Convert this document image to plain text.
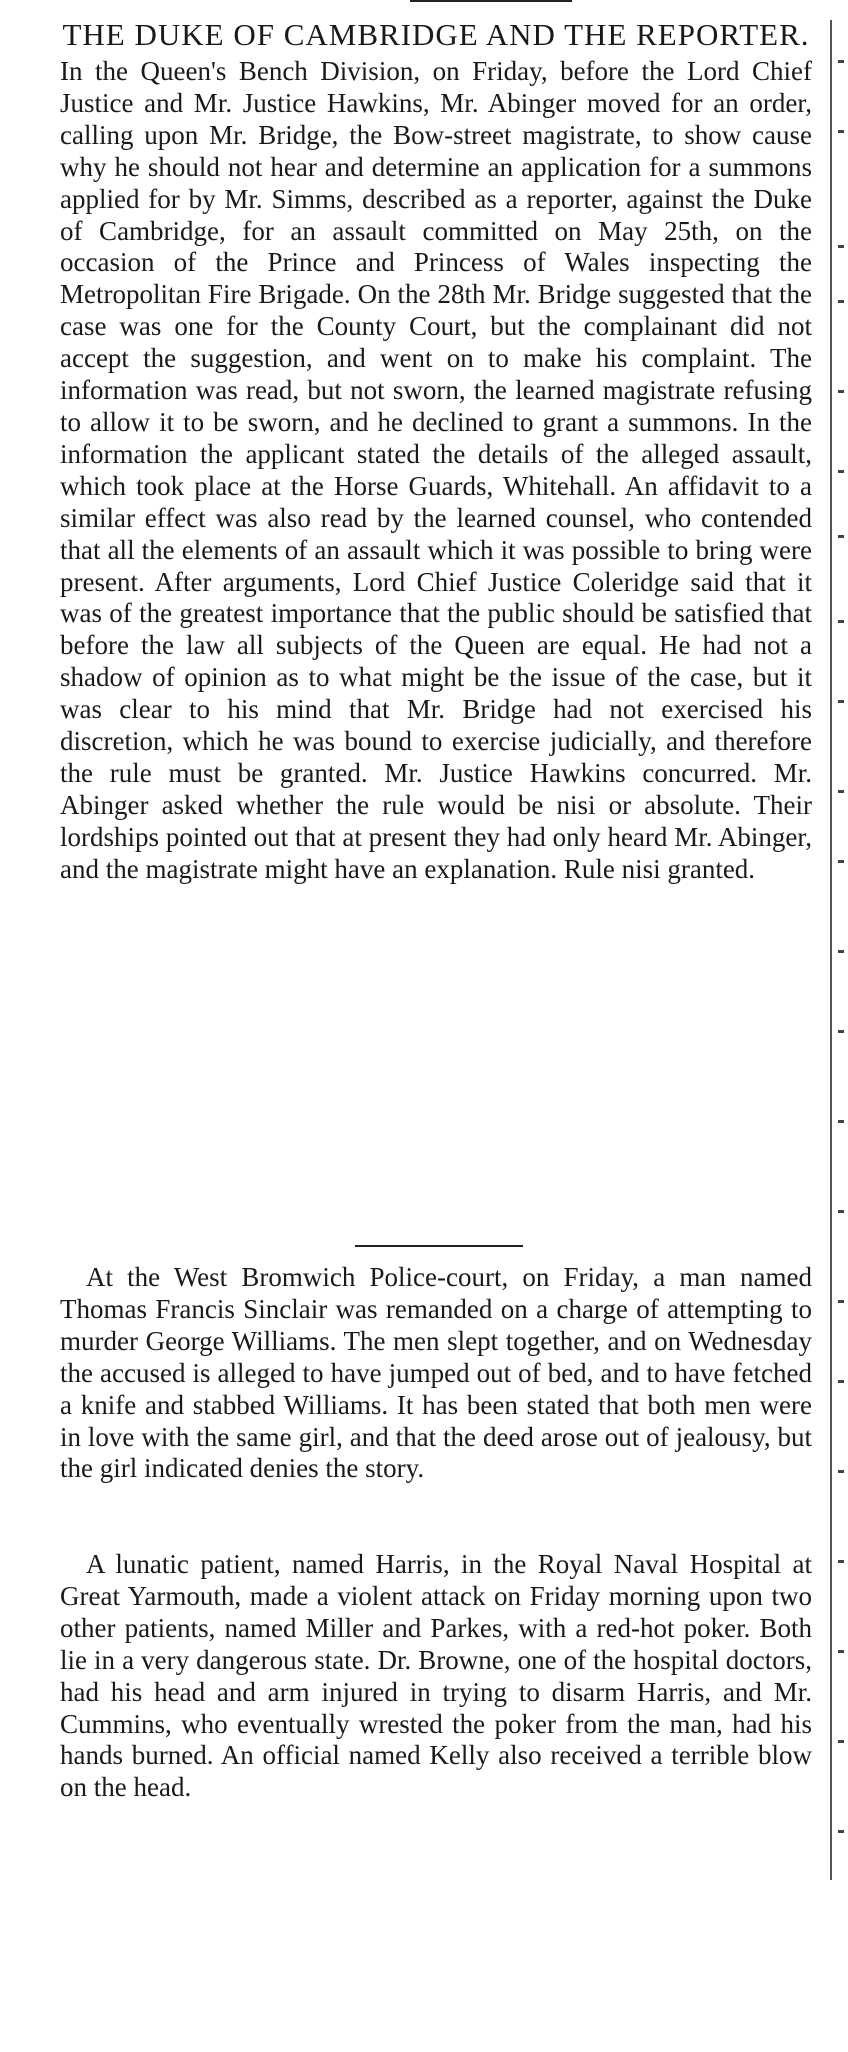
THE DUKE OF CAMBRIDGE AND THE REPORTER.

In the Queen's Bench Division, on Friday, before the Lord Chief Justice and Mr. Justice Hawkins, Mr. Abinger moved for an order, calling upon Mr. Bridge, the Bow-street magistrate, to show cause why he should not hear and determine an application for a summons applied for by Mr. Simms, described as a reporter, against the Duke of Cambridge, for an assault committed on May 25th, on the occasion of the Prince and Princess of Wales inspecting the Metropolitan Fire Brigade. On the 28th Mr. Bridge suggested that the case was one for the County Court, but the complainant did not accept the suggestion, and went on to make his complaint. The information was read, but not sworn, the learned magistrate refusing to allow it to be sworn, and he declined to grant a summons. In the information the applicant stated the details of the alleged assault, which took place at the Horse Guards, Whitehall. An affidavit to a similar effect was also read by the learned counsel, who contended that all the elements of an assault which it was possible to bring were present. After arguments, Lord Chief Justice Coleridge said that it was of the greatest importance that the public should be satisfied that before the law all subjects of the Queen are equal. He had not a shadow of opinion as to what might be the issue of the case, but it was clear to his mind that Mr. Bridge had not exercised his discretion, which he was bound to exercise judicially, and therefore the rule must be granted. Mr. Justice Hawkins concurred. Mr. Abinger asked whether the rule would be nisi or absolute. Their lordships pointed out that at present they had only heard Mr. Abinger, and the magistrate might have an explanation. Rule nisi granted.

At the West Bromwich Police-court, on Friday, a man named Thomas Francis Sinclair was remanded on a charge of attempting to murder George Williams. The men slept together, and on Wednesday the accused is alleged to have jumped out of bed, and to have fetched a knife and stabbed Williams. It has been stated that both men were in love with the same girl, and that the deed arose out of jealousy, but the girl indicated denies the story.

A lunatic patient, named Harris, in the Royal Naval Hospital at Great Yarmouth, made a violent attack on Friday morning upon two other patients, named Miller and Parkes, with a red-hot poker. Both lie in a very dangerous state. Dr. Browne, one of the hospital doctors, had his head and arm injured in trying to disarm Harris, and Mr. Cummins, who eventually wrested the poker from the man, had his hands burned. An official named Kelly also received a terrible blow on the head.
